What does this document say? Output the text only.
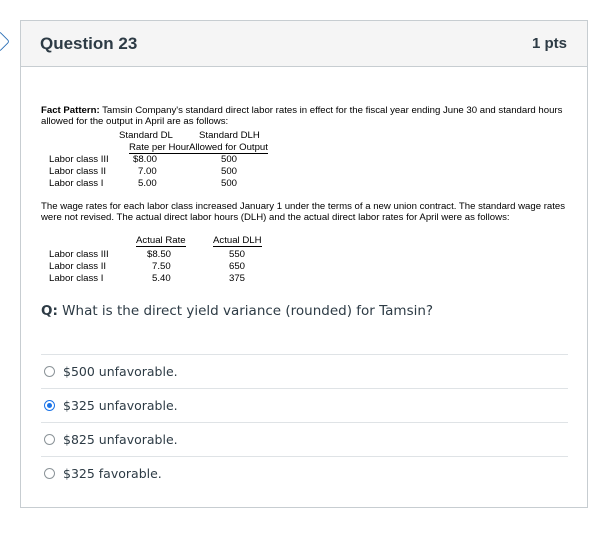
Question 23	1 pts
Fact Pattern: Tamsin Company's standard direct labor rates in effect for the fiscal year ending June 30 and standard hours allowed for the output in April are as follows:
Standard DL	Standard DLH
Rate per Hour Allowed for Output
Labor class III	$8.00	500
Labor class II	7.00	500
Labor class I	5.00	500
The wage rates for each labor class increased January 1 under the terms of a new union contract. The standard wage rates were not revised. The actual direct labor hours (DLH) and the actual direct labor rates for April were as follows:
Actual Rate	Actual DLH
Labor class III	$8.50	550
Labor class II	7.50	650
Labor class I	5.40	375
Q: What is the direct yield variance (rounded) for Tamsin?
$500 unfavorable.
$325 unfavorable.
$825 unfavorable.
$325 favorable.
